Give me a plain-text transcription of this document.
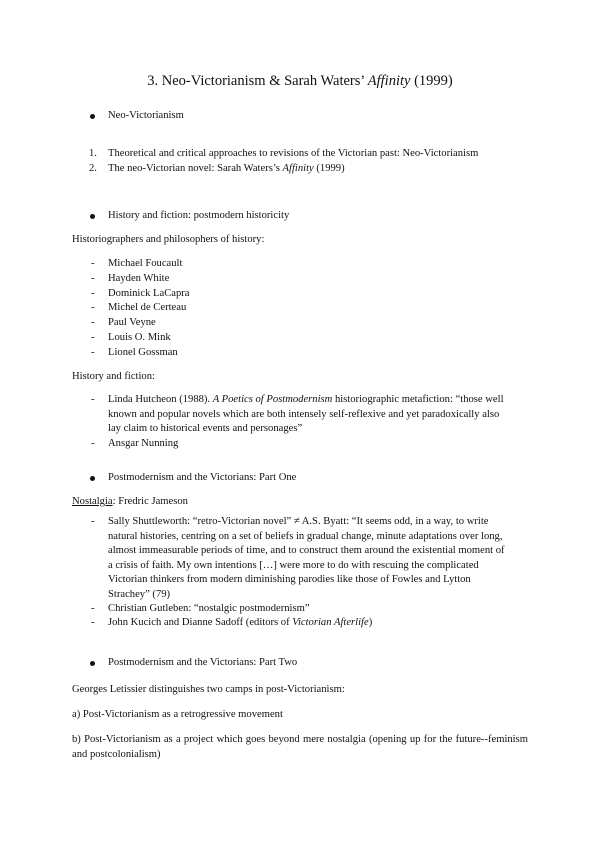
3. Neo-Victorianism & Sarah Waters’ Affinity (1999)
Neo-Victorianism
1. Theoretical and critical approaches to revisions of the Victorian past: Neo-Victorianism
2. The neo-Victorian novel: Sarah Waters’s Affinity (1999)
History and fiction: postmodern historicity
Historiographers and philosophers of history:
- Michael Foucault
- Hayden White
- Dominick LaCapra
- Michel de Certeau
- Paul Veyne
- Louis O. Mink
- Lionel Gossman
History and fiction:
- Linda Hutcheon (1988). A Poetics of Postmodernism historiographic metafiction: “those well
known and popular novels which are both intensely self-reflexive and yet paradoxically also
lay claim to historical events and personages”
- Ansgar Nunning
Postmodernism and the Victorians: Part One
Nostalgia: Fredric Jameson
- Sally Shuttleworth: “retro-Victorian novel” ≠ A.S. Byatt: “It seems odd, in a way, to write
natural histories, centring on a set of beliefs in gradual change, minute adaptations over long,
almost immeasurable periods of time, and to construct them around the existential moment of
a crisis of faith. My own intentions […] were more to do with rescuing the complicated
Victorian thinkers from modern diminishing parodies like those of Fowles and Lytton
Strachey” (79)
- Christian Gutleben: “nostalgic postmodernism”
- John Kucich and Dianne Sadoff (editors of Victorian Afterlife)
Postmodernism and the Victorians: Part Two
Georges Letissier distinguishes two camps in post-Victorianism:
a) Post-Victorianism as a retrogressive movement
b) Post-Victorianism as a project which goes beyond mere nostalgia (opening up for the future--feminism and postcolonialism)
